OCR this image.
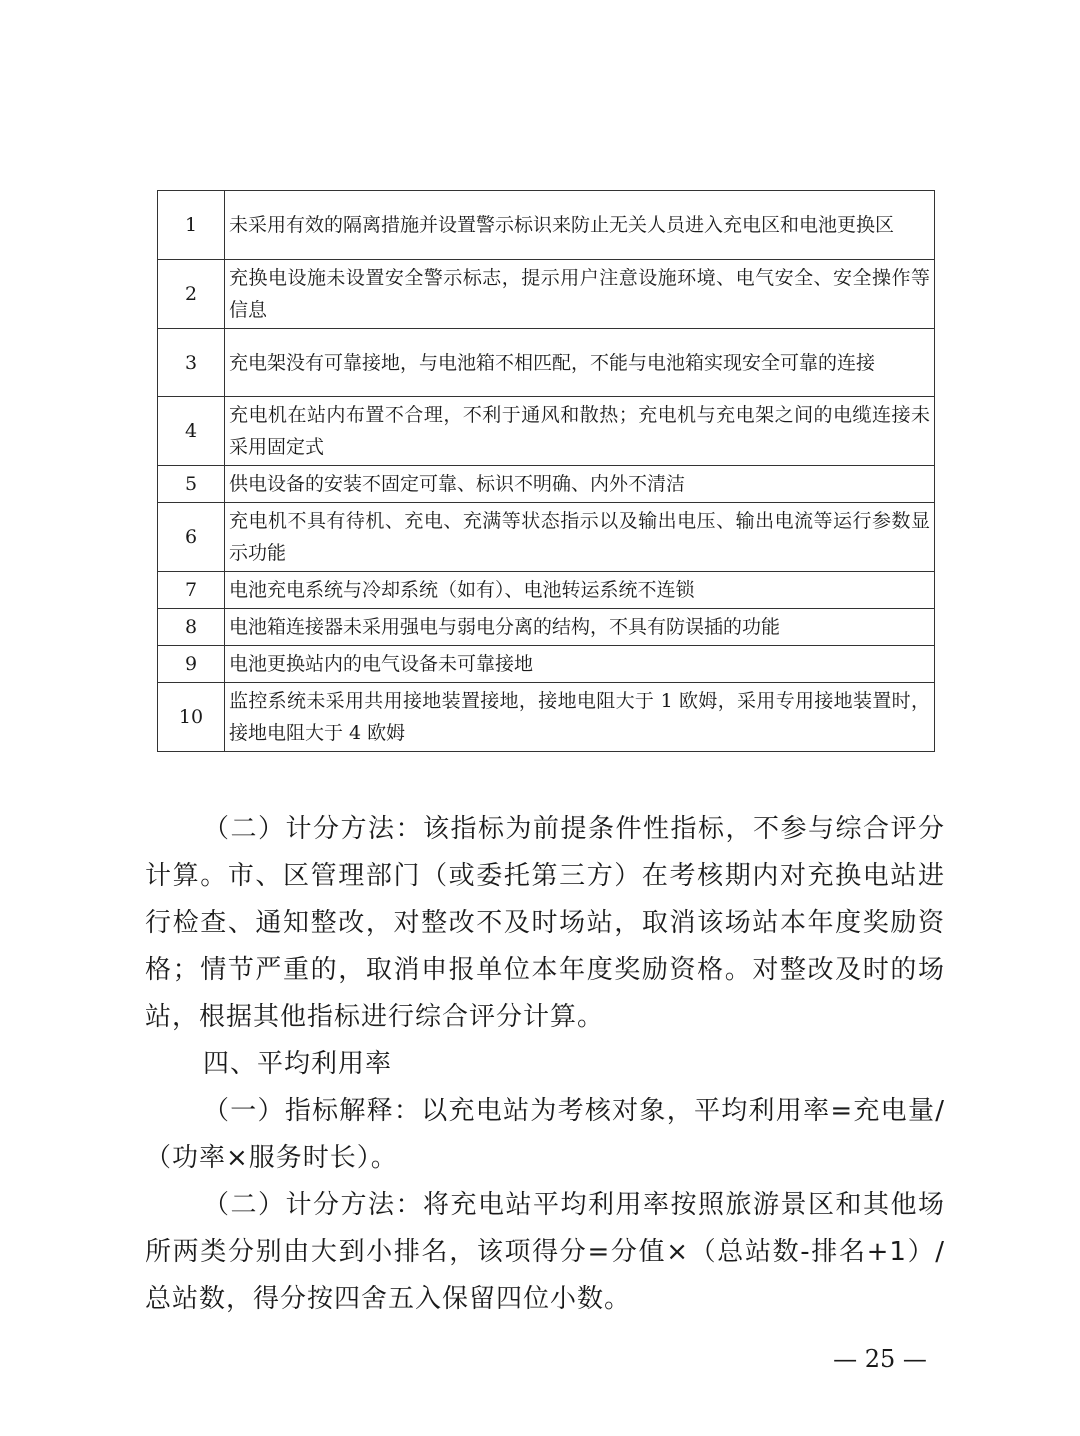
1	未采用有效的隔离措施并设置警示标识来防止无关人员进入充电区和电池更换区
2	充换电设施未设置安全警示标志，提示用户注意设施环境、电气安全、安全操作等信息
3	充电架没有可靠接地，与电池箱不相匹配，不能与电池箱实现安全可靠的连接
4	充电机在站内布置不合理，不利于通风和散热；充电机与充电架之间的电缆连接未采用固定式
5	供电设备的安装不固定可靠、标识不明确、内外不清洁
6	充电机不具有待机、充电、充满等状态指示以及输出电压、输出电流等运行参数显示功能
7	电池充电系统与冷却系统（如有）、电池转运系统不连锁
8	电池箱连接器未采用强电与弱电分离的结构，不具有防误插的功能
9	电池更换站内的电气设备未可靠接地
10	监控系统未采用共用接地装置接地，接地电阻大于 1 欧姆，采用专用接地装置时，接地电阻大于 4 欧姆

（二）计分方法：该指标为前提条件性指标，不参与综合评分计算。市、区管理部门（或委托第三方）在考核期内对充换电站进行检查、通知整改，对整改不及时场站，取消该场站本年度奖励资格；情节严重的，取消申报单位本年度奖励资格。对整改及时的场站，根据其他指标进行综合评分计算。

四、平均利用率

（一）指标解释：以充电站为考核对象，平均利用率=充电量/（功率×服务时长）。

（二）计分方法：将充电站平均利用率按照旅游景区和其他场所两类分别由大到小排名，该项得分=分值×（总站数-排名+1）/总站数，得分按四舍五入保留四位小数。

— 25 —
